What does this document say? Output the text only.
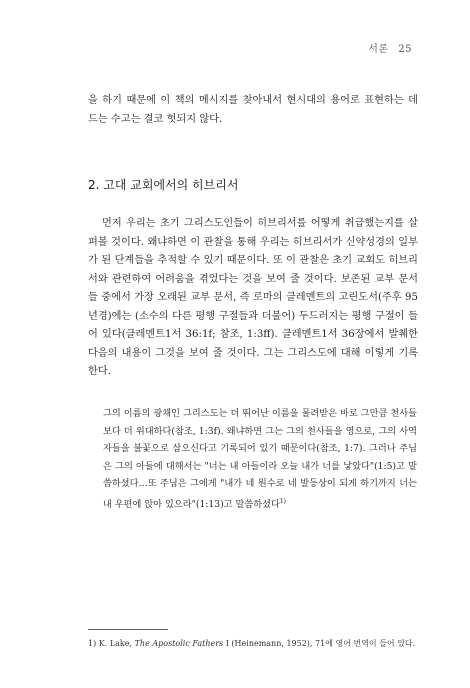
서론 25

을 하기 때문에 이 책의 메시지를 찾아내서 현시대의 용어로 표현하는 데 드는 수고는 결코 헛되지 않다.

2. 고대 교회에서의 히브리서

먼저 우리는 초기 그리스도인들이 히브리서를 어떻게 취급했는지를 살펴볼 것이다. 왜냐하면 이 관찰을 통해 우리는 히브리서가 신약성경의 일부가 된 단계들을 추적할 수 있기 때문이다. 또 이 관찰은 초기 교회도 히브리서와 관련하여 어려움을 겪었다는 것을 보여 줄 것이다. 보존된 교부 문서들 중에서 가장 오래된 교부 문서, 즉 로마의 클레멘트의 고린도서(주후 95년경)에는 (소수의 다른 평행 구절들과 더불어) 두드러지는 평행 구절이 들어 있다(클레멘트1서 36:1f; 참조, 1:3ff). 클레멘트1서 36장에서 발췌한 다음의 내용이 그것을 보여 줄 것이다. 그는 그리스도에 대해 이렇게 기록한다.

그의 이름의 광채인 그리스도는 더 뛰어난 이름을 물려받은 바로 그만큼 천사들보다 더 위대하다(참조, 1:3f). 왜냐하면 그는 그의 천사들을 영으로, 그의 사역자들을 불꽃으로 삼으신다고 기록되어 있기 때문이다(참조, 1:7). 그러나 주님은 그의 아들에 대해서는 "너는 내 아들이라 오늘 내가 너를 낳았다"(1:5)고 말씀하셨다…또 주님은 그에게 "내가 네 원수로 네 발등상이 되게 하기까지 너는 내 우편에 앉아 있으라"(1:13)고 말씀하셨다$^{1)}$

1) K. Lake, The Apostolic Fathers I (Heinemann, 1952), 71에 영어 번역이 들어 있다.
